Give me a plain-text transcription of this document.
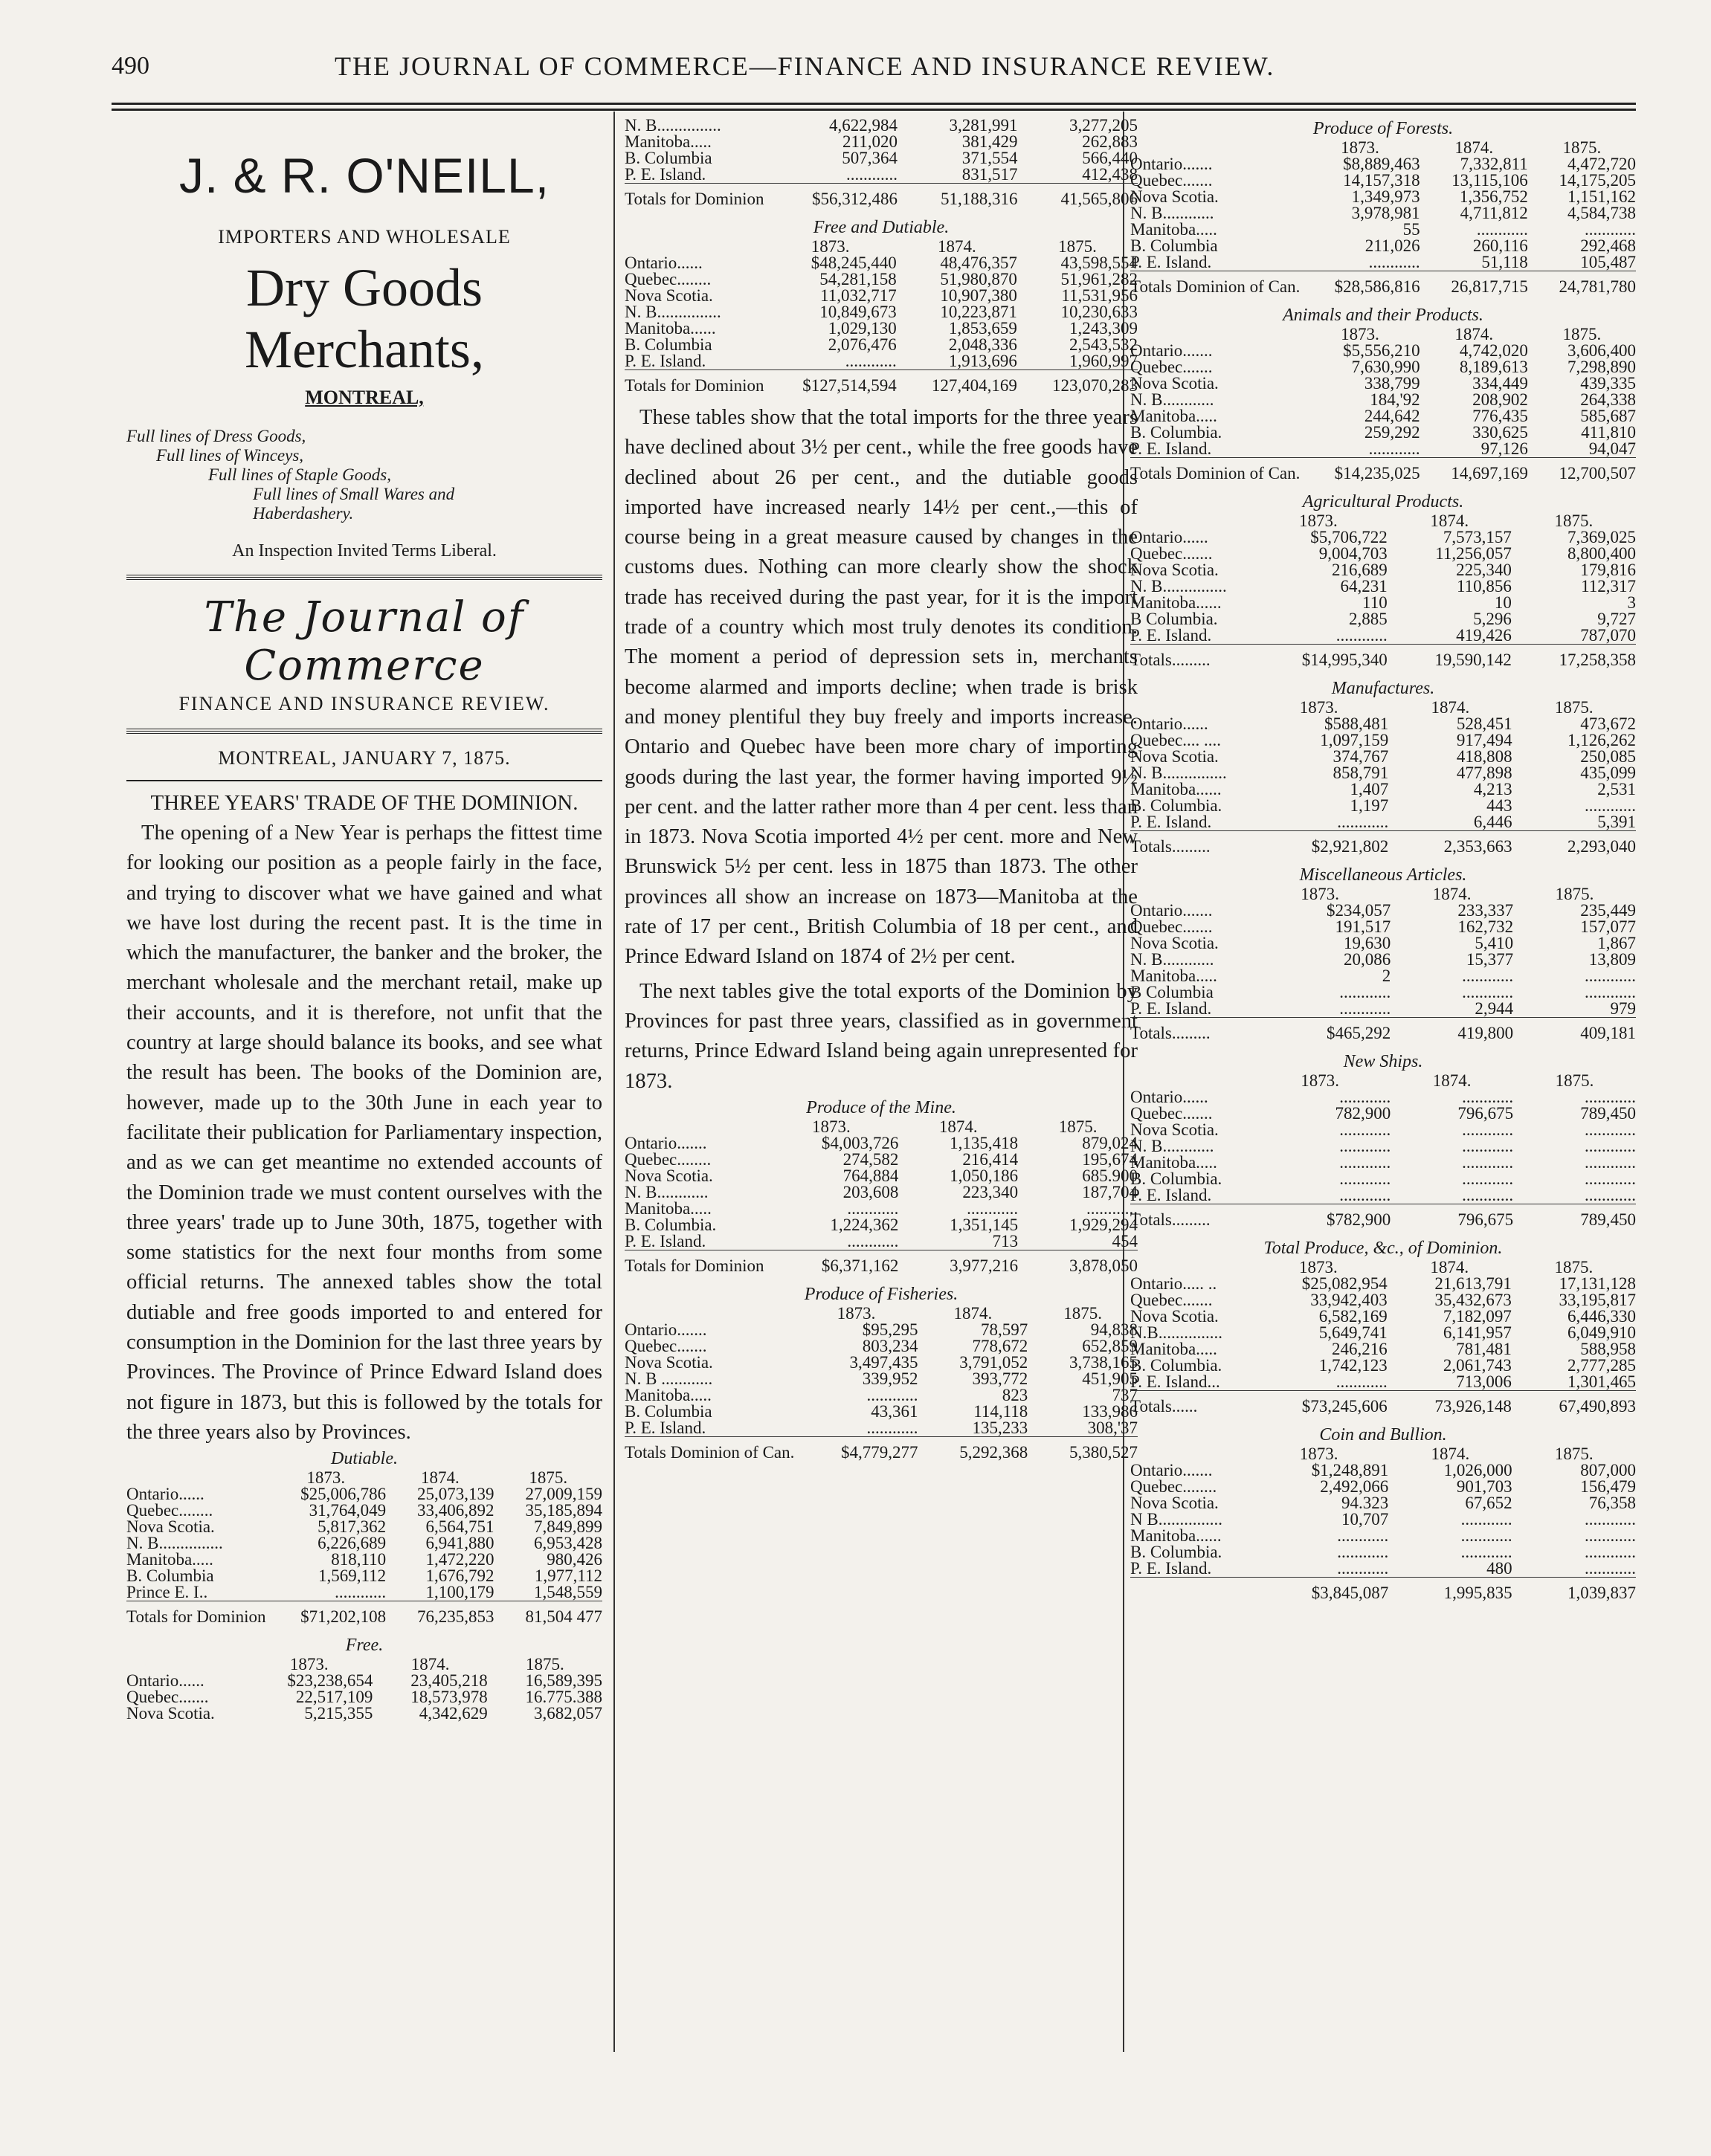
490	THE JOURNAL OF COMMERCE—FINANCE AND INSURANCE REVIEW.
J. & R. O'NEILL,
IMPORTERS AND WHOLESALE
Dry Goods Merchants,
MONTREAL,
Full lines of Dress Goods,
Full lines of Winceys,
Full lines of Staple Goods,
Full lines of Small Wares and
Haberdashery.
An Inspection Invited Terms Liberal.
The Journal of Commerce
FINANCE AND INSURANCE REVIEW.
MONTREAL, JANUARY 7, 1875.
THREE YEARS' TRADE OF THE DOMINION.
The opening of a New Year is perhaps the fittest time for looking our position as a people fairly in the face, and trying to discover what we have gained and what we have lost during the recent past. It is the time in which the manufacturer, the banker and the broker, the merchant wholesale and the merchant retail, make up their accounts, and it is therefore, not unfit that the country at large should balance its books, and see what the result has been. The books of the Dominion are, however, made up to the 30th June in each year to facilitate their publication for Parliamentary inspection, and as we can get meantime no extended accounts of the Dominion trade we must content ourselves with the three years' trade up to June 30th, 1875, together with some statistics for the next four months from some official returns. The annexed tables show the total dutiable and free goods imported to and entered for consumption in the Dominion for the last three years by Provinces. The Province of Prince Edward Island does not figure in 1873, but this is followed by the totals for the three years also by Provinces.
Dutiable.
	1873.	1874.	1875.
Ontario......	$25,006,786	25,073,139	27,009,159
Quebec........	31,764,049	33,406,892	35,185,894
Nova Scotia.	5,817,362	6,564,751	7,849,899
N. B...............	6,226,689	6,941,880	6,953,428
Manitoba.....	818,110	1,472,220	980,426
B. Columbia	1,569,112	1,676,792	1,977,112
Prince E. I..	............	1,100,179	1,548,559
Totals for Dominion	$71,202,108	76,235,853	81,504 477
Free.
	1873.	1874.	1875.
Ontario......	$23,238,654	23,405,218	16,589,395
Quebec.......	22,517,109	18,573,978	16.775.388
Nova Scotia.	5,215,355	4,342,629	3,682,057
N. B...............	4,622,984	3,281,991	3,277,205
Manitoba.....	211,020	381,429	262,883
B. Columbia	507,364	371,554	566,440
P. E. Island.	............	831,517	412,438
Totals for Dominion	$56,312,486	51,188,316	41,565,806
Free and Dutiable.
	1873.	1874.	1875.
Ontario......	$48,245,440	48,476,357	43,598,554
Quebec........	54,281,158	51,980,870	51,961,282
Nova Scotia.	11,032,717	10,907,380	11,531,956
N. B...............	10,849,673	10,223,871	10,230,633
Manitoba......	1,029,130	1,853,659	1,243,309
B. Columbia	2,076,476	2,048,336	2,543,532
P. E. Island.	............	1,913,696	1,960,997
Totals for Dominion	$127,514,594	127,404,169	123,070,283
These tables show that the total imports for the three years have declined about 3½ per cent., while the free goods have declined about 26 per cent., and the dutiable goods imported have increased nearly 14½ per cent.,—this of course being in a great measure caused by changes in the customs dues. Nothing can more clearly show the shock trade has received during the past year, for it is the import trade of a country which most truly denotes its condition. The moment a period of depression sets in, merchants become alarmed and imports decline; when trade is brisk and money plentiful they buy freely and imports increase. Ontario and Quebec have been more chary of importing goods during the last year, the former having imported 9½ per cent. and the latter rather more than 4 per cent. less than in 1873. Nova Scotia imported 4½ per cent. more and New Brunswick 5½ per cent. less in 1875 than 1873. The other provinces all show an increase on 1873—Manitoba at the rate of 17 per cent., British Columbia of 18 per cent., and Prince Edward Island on 1874 of 2½ per cent.
The next tables give the total exports of the Dominion by Provinces for past three years, classified as in government returns, Prince Edward Island being again unrepresented for 1873.
Produce of the Mine.
	1873.	1874.	1875.
Ontario.......	$4,003,726	1,135,418	879,024
Quebec........	274,582	216,414	195,674
Nova Scotia.	764,884	1,050,186	685.900
N. B............	203,608	223,340	187,704
Manitoba.....	............	............	............
B. Columbia.	1,224,362	1,351,145	1,929,294
P. E. Island.	............	713	454
Totals for Dominion	$6,371,162	3,977,216	3,878,050
Produce of Fisheries.
	1873.	1874.	1875.
Ontario.......	$95,295	78,597	94,838
Quebec.......	803,234	778,672	652,859
Nova Scotia.	3,497,435	3,791,052	3,738,165
N. B ............	339,952	393,772	451,905
Manitoba.....	............	823	737
B. Columbia	43,361	114,118	133,986
P. E. Island.	............	135,233	308,'37
Totals Dominion of Can.	$4,779,277	5,292,368	5,380,527
Produce of Forests.
	1873.	1874.	1875.
Ontario.......	$8,889,463	7,332,811	4,472,720
Quebec.......	14,157,318	13,115,106	14,175,205
Nova Scotia.	1,349,973	1,356,752	1,151,162
N. B............	3,978,981	4,711,812	4,584,738
Manitoba.....	55	............	............
B. Columbia	211,026	260,116	292,468
P. E. Island.	............	51,118	105,487
Totals Dominion of Can.	$28,586,816	26,817,715	24,781,780
Animals and their Products.
	1873.	1874.	1875.
Ontario.......	$5,556,210	4,742,020	3,606,400
Quebec.......	7,630,990	8,189,613	7,298,890
Nova Scotia.	338,799	334,449	439,335
N. B............	184,'92	208,902	264,338
Manitoba.....	244,642	776,435	585,687
B. Columbia.	259,292	330,625	411,810
P. E. Island.	............	97,126	94,047
Totals Dominion of Can.	$14,235,025	14,697,169	12,700,507
Agricultural Products.
	1873.	1874.	1875.
Ontario......	$5,706,722	7,573,157	7,369,025
Quebec.......	9,004,703	11,256,057	8,800,400
Nova Scotia.	216,689	225,340	179,816
N. B...............	64,231	110,856	112,317
Manitoba......	110	10	3
B Columbia.	2,885	5,296	9,727
P. E. Island.	............	419,426	787,070
Totals.........	$14,995,340	19,590,142	17,258,358
Manufactures.
	1873.	1874.	1875.
Ontario......	$588,481	528,451	473,672
Quebec.... ....	1,097,159	917,494	1,126,262
Nova Scotia.	374,767	418,808	250,085
N. B...............	858,791	477,898	435,099
Manitoba......	1,407	4,213	2,531
B. Columbia.	1,197	443	............
P. E. Island.	............	6,446	5,391
Totals.........	$2,921,802	2,353,663	2,293,040
Miscellaneous Articles.
	1873.	1874.	1875.
Ontario.......	$234,057	233,337	235,449
Quebec.......	191,517	162,732	157,077
Nova Scotia.	19,630	5,410	1,867
N. B............	20,086	15,377	13,809
Manitoba.....	2	............	............
B Columbia	............	............	............
P. E. Island.	............	2,944	979
Totals.........	$465,292	419,800	409,181
New Ships.
	1873.	1874.	1875.
Ontario......	............	............	............
Quebec.......	782,900	796,675	789,450
Nova Scotia.	............	............	............
N. B............	............	............	............
Manitoba.....	............	............	............
B. Columbia.	............	............	............
P. E. Island.	............	............	............
Totals.........	$782,900	796,675	789,450
Total Produce, &c., of Dominion.
	1873.	1874.	1875.
Ontario..... ..	$25,082,954	21,613,791	17,131,128
Quebec.......	33,942,403	35,432,673	33,195,817
Nova Scotia.	6,582,169	7,182,097	6,446,330
N.B...............	5,649,741	6,141,957	6,049,910
Manitoba.....	246,216	781,481	588,958
B. Columbia.	1,742,123	2,061,743	2,777,285
P. E. Island...	............	713,006	1,301,465
Totals......	$73,245,606	73,926,148	67,490,893
Coin and Bullion.
	1873.	1874.	1875.
Ontario.......	$1,248,891	1,026,000	807,000
Quebec........	2,492,066	901,703	156,479
Nova Scotia.	94.323	67,652	76,358
N B...............	10,707	............	............
Manitoba......	............	............	............
B. Columbia.	............	............	............
P. E. Island.	............	480	............
	$3,845,087	1,995,835	1,039,837
